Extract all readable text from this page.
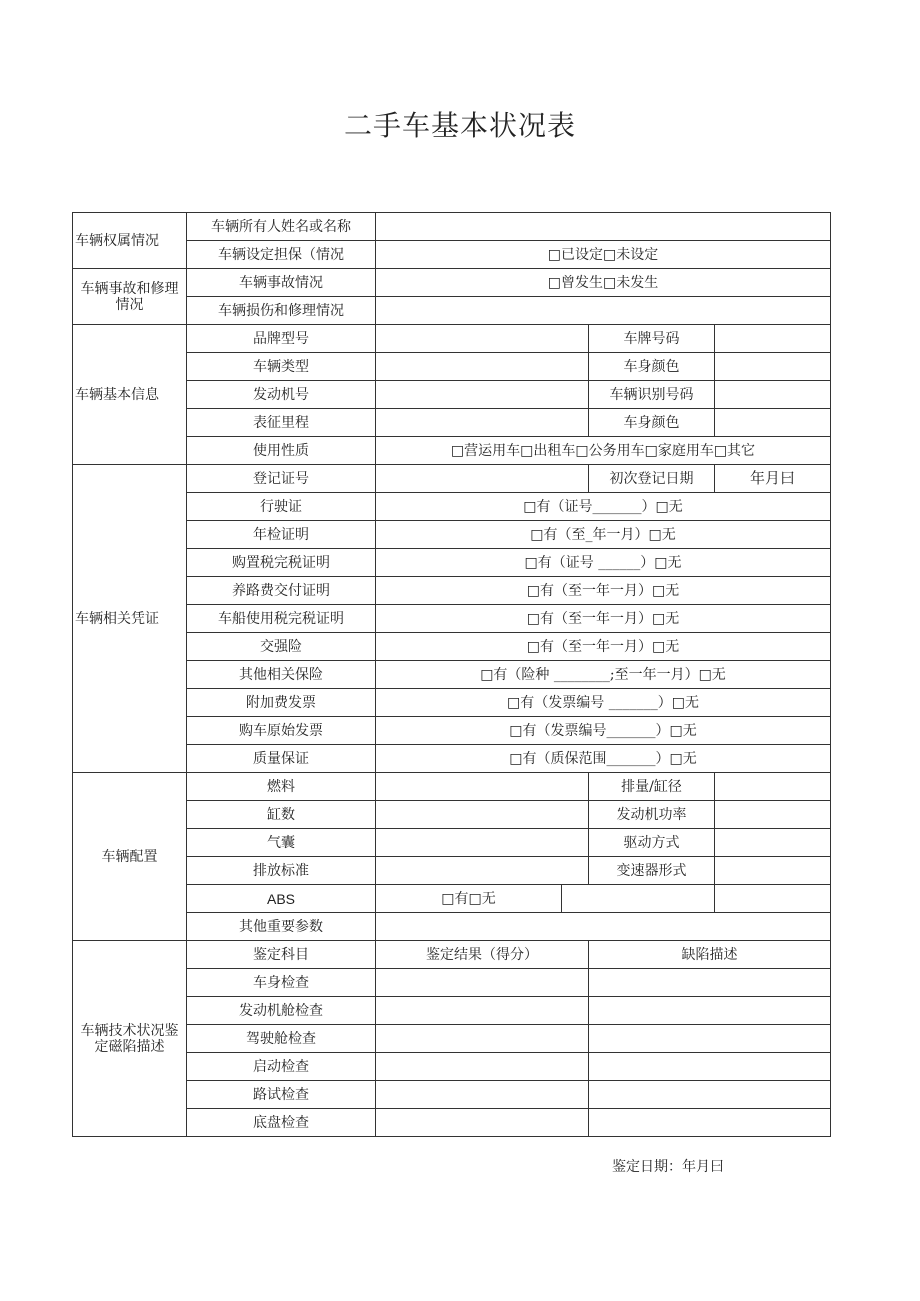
二手车基本状况表
车辆权属情况	车辆所有人姓名或名称				
	车辆设定担保（情况	□已设定□未设定			
车辆事故和修理情况	车辆事故情况	□曾发生□未发生			
	车辆损伤和修理情况				
车辆基本信息	品牌型号			车牌号码	
	车辆类型			车身颜色	
	发动机号			车辆识别号码	
	表征里程			车身颜色	
	使用性质	□营运用车□出租车□公务用车□家庭用车□其它			
车辆相关凭证	登记证号			初次登记日期	年月曰
	行驶证	□有（证号_______）□无			
	年检证明	□有（至_年一月）□无			
	购置税完税证明	□有（证号 ______）□无			
	养路费交付证明	□有（至一年一月）□无			
	车船使用税完税证明	□有（至一年一月）□无			
	交强险	□有（至一年一月）□无			
	其他相关保险	□有（险种 ________;至一年一月）□无			
	附加费发票	□有（发票编号 _______）□无			
	购车原始发票	□有（发票编号_______）□无			
	质量保证	□有（质保范围_______）□无			
车辆配置	燃料			排量/缸径	
	缸数			发动机功率	
	气囊			驱动方式	
	排放标准			变速器形式	
	ABS	□有□无			
	其他重要参数				
车辆技术状况鉴定磁陷描述	鉴定科目	鉴定结果（得分）		缺陷描述	
	车身检查				
	发动机舱检查				
	驾驶舱检查				
	启动检查				
	路试检查				
	底盘检查				
鉴定日期：年月曰
